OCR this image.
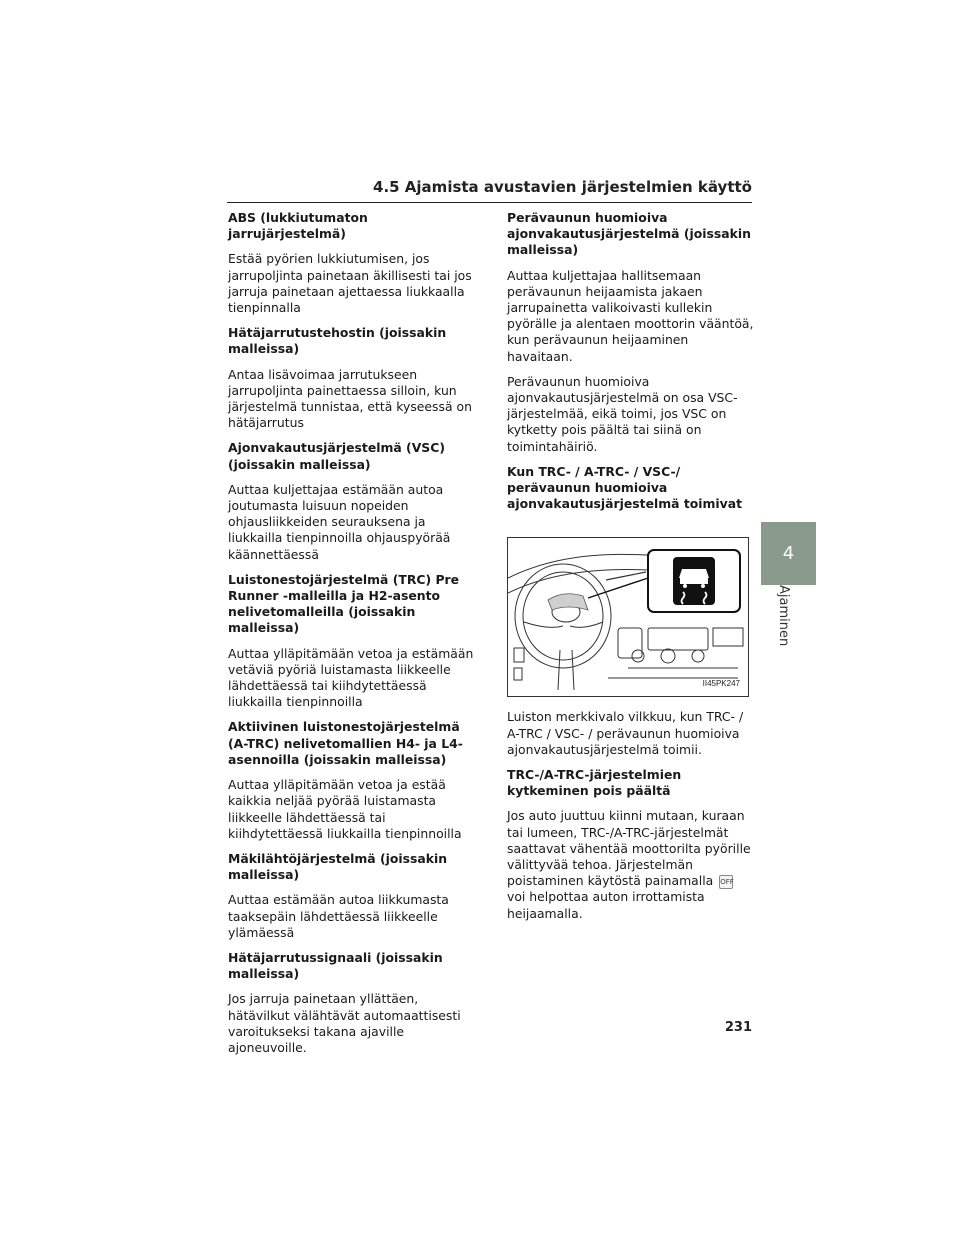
4.5 Ajamista avustavien järjestelmien käyttö
ABS (lukkiutumaton jarrujärjestelmä)
Estää pyörien lukkiutumisen, jos jarrupoljinta painetaan äkillisesti tai jos jarruja painetaan ajettaessa liukkaalla tienpinnalla
Hätäjarrutustehostin (joissakin malleissa)
Antaa lisävoimaa jarrutukseen jarrupoljinta painettaessa silloin, kun järjestelmä tunnistaa, että kyseessä on hätäjarrutus
Ajonvakautusjärjestelmä (VSC) (joissakin malleissa)
Auttaa kuljettajaa estämään autoa joutumasta luisuun nopeiden ohjausliikkeiden seurauksena ja liukkailla tienpinnoilla ohjauspyörää käännettäessä
Luistonestojärjestelmä (TRC) Pre Runner -malleilla ja H2-asento nelivetomalleilla (joissakin malleissa)
Auttaa ylläpitämään vetoa ja estämään vetäviä pyöriä luistamasta liikkeelle lähdettäessä tai kiihdytettäessä liukkailla tienpinnoilla
Aktiivinen luistonestojärjestelmä (A-TRC) nelivetomallien H4- ja L4-asennoilla (joissakin malleissa)
Auttaa ylläpitämään vetoa ja estää kaikkia neljää pyörää luistamasta liikkeelle lähdettäessä tai kiihdytettäessä liukkailla tienpinnoilla
Mäkilähtöjärjestelmä (joissakin malleissa)
Auttaa estämään autoa liikkumasta taaksepäin lähdettäessä liikkeelle ylämäessä
Hätäjarrutussignaali (joissakin malleissa)
Jos jarruja painetaan yllättäen, hätävilkut välähtävät automaattisesti varoitukseksi takana ajaville ajoneuvoille.
Perävaunun huomioiva ajonvakautusjärjestelmä (joissakin malleissa)
Auttaa kuljettajaa hallitsemaan perävaunun heijaamista jakaen jarrupainetta valikoivasti kullekin pyörälle ja alentaen moottorin vääntöä, kun perävaunun heijaaminen havaitaan.
Perävaunun huomioiva ajonvakautusjärjestelmä on osa VSC-järjestelmää, eikä toimi, jos VSC on kytketty pois päältä tai siinä on toimintahäiriö.
Kun TRC- / A-TRC- / VSC-/ perävaunun huomioiva ajonvakautusjärjestelmä toimivat
II45PK247
Luiston merkkivalo vilkkuu, kun TRC- / A-TRC / VSC- / perävaunun huomioiva ajonvakautusjärjestelmä toimii.
TRC-/A-TRC-järjestelmien kytkeminen pois päältä
Jos auto juuttuu kiinni mutaan, kuraan tai lumeen, TRC-/A-TRC-järjestelmät saattavat vähentää moottorilta pyörille välittyvää tehoa. Järjestelmän poistaminen käytöstä painamalla OFFvoi helpottaa auton irrottamista heijaamalla.
4
Ajaminen
231
